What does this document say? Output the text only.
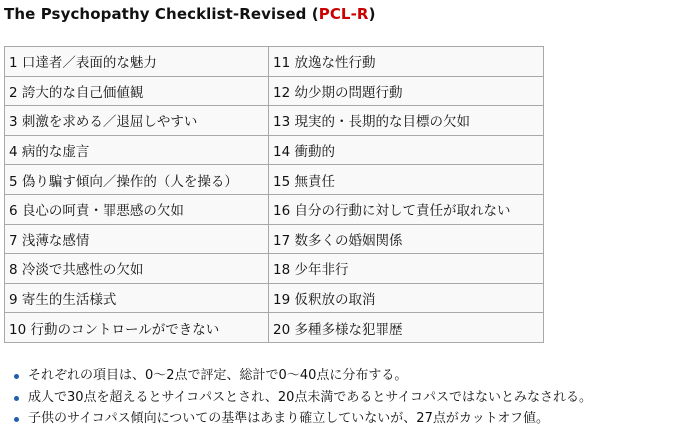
The Psychopathy Checklist-Revised (PCL-R)
1 口達者／表面的な魅力	11 放逸な性行動
2 誇大的な自己価値観	12 幼少期の問題行動
3 刺激を求める／退屈しやすい	13 現実的・長期的な目標の欠如
4 病的な虚言	14 衝動的
5 偽り騙す傾向／操作的（人を操る）	15 無責任
6 良心の呵責・罪悪感の欠如	16 自分の行動に対して責任が取れない
7 浅薄な感情	17 数多くの婚姻関係
8 冷淡で共感性の欠如	18 少年非行
9 寄生的生活様式	19 仮釈放の取消
10 行動のコントロールができない	20 多種多様な犯罪歴
それぞれの項目は、0〜2点で評定、総計で0〜40点に分布する。
成人で30点を超えるとサイコパスとされ、20点未満であるとサイコパスではないとみなされる。
子供のサイコパス傾向についての基準はあまり確立していないが、27点がカットオフ値。
